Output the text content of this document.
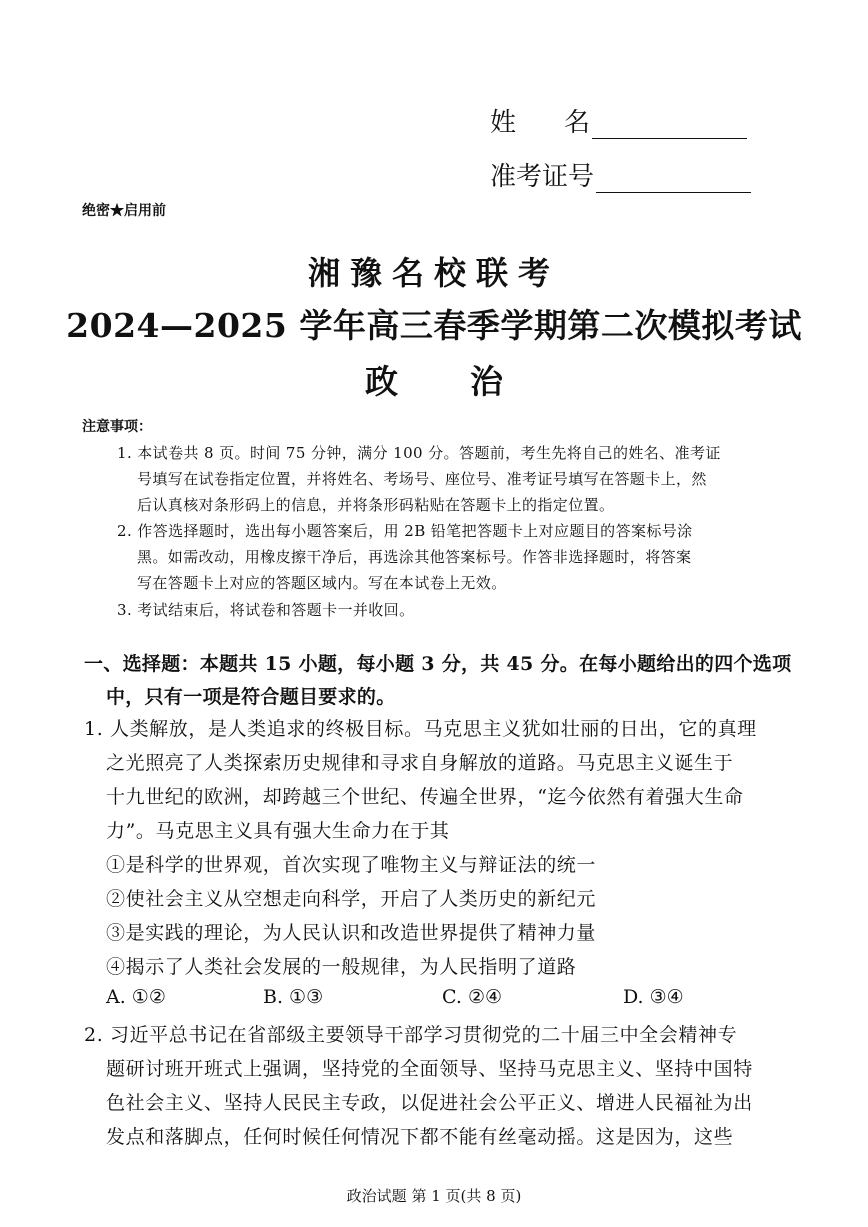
姓名
准考证号
绝密★启用前
湘豫名校联考
2024—2025 学年高三春季学期第二次模拟考试
政治
注意事项：
1. 本试卷共 8 页。时间 75 分钟，满分 100 分。答题前，考生先将自己的姓名、准考证
号填写在试卷指定位置，并将姓名、考场号、座位号、准考证号填写在答题卡上，然
后认真核对条形码上的信息，并将条形码粘贴在答题卡上的指定位置。
2. 作答选择题时，选出每小题答案后，用 2B 铅笔把答题卡上对应题目的答案标号涂
黑。如需改动，用橡皮擦干净后，再选涂其他答案标号。作答非选择题时，将答案
写在答题卡上对应的答题区域内。写在本试卷上无效。
3. 考试结束后，将试卷和答题卡一并收回。
一、选择题：本题共 15 小题，每小题 3 分，共 45 分。在每小题给出的四个选项
中，只有一项是符合题目要求的。
1. 人类解放，是人类追求的终极目标。马克思主义犹如壮丽的日出，它的真理
之光照亮了人类探索历史规律和寻求自身解放的道路。马克思主义诞生于
十九世纪的欧洲，却跨越三个世纪、传遍全世界，“迄今依然有着强大生命
力”。马克思主义具有强大生命力在于其
①是科学的世界观，首次实现了唯物主义与辩证法的统一
②使社会主义从空想走向科学，开启了人类历史的新纪元
③是实践的理论，为人民认识和改造世界提供了精神力量
④揭示了人类社会发展的一般规律，为人民指明了道路
A. ①②	B. ①③	C. ②④	D. ③④
2. 习近平总书记在省部级主要领导干部学习贯彻党的二十届三中全会精神专
题研讨班开班式上强调，坚持党的全面领导、坚持马克思主义、坚持中国特
色社会主义、坚持人民民主专政，以促进社会公平正义、增进人民福祉为出
发点和落脚点，任何时候任何情况下都不能有丝毫动摇。这是因为，这些
政治试题 第 1 页(共 8 页)
